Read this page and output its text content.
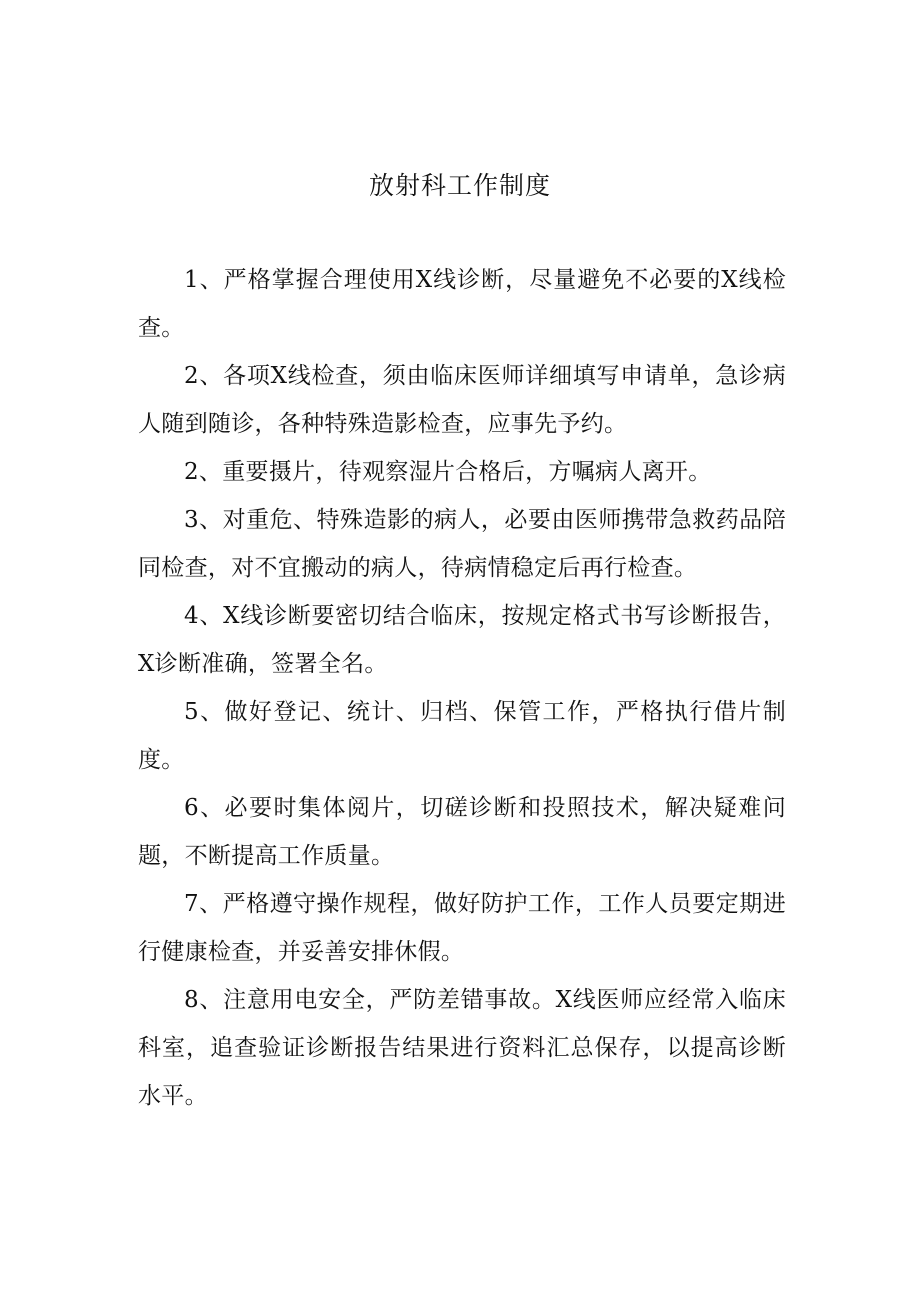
放射科工作制度

1、严格掌握合理使用X线诊断，尽量避免不必要的X线检查。

2、各项X线检查，须由临床医师详细填写申请单，急诊病人随到随诊，各种特殊造影检查，应事先予约。

2、重要摄片，待观察湿片合格后，方嘱病人离开。

3、对重危、特殊造影的病人，必要由医师携带急救药品陪同检查，对不宜搬动的病人，待病情稳定后再行检查。

4、X线诊断要密切结合临床，按规定格式书写诊断报告，X诊断准确，签署全名。

5、做好登记、统计、归档、保管工作，严格执行借片制度。

6、必要时集体阅片，切磋诊断和投照技术，解决疑难问题，不断提高工作质量。

7、严格遵守操作规程，做好防护工作，工作人员要定期进行健康检查，并妥善安排休假。

8、注意用电安全，严防差错事故。X线医师应经常入临床科室，追查验证诊断报告结果进行资料汇总保存，以提高诊断水平。
